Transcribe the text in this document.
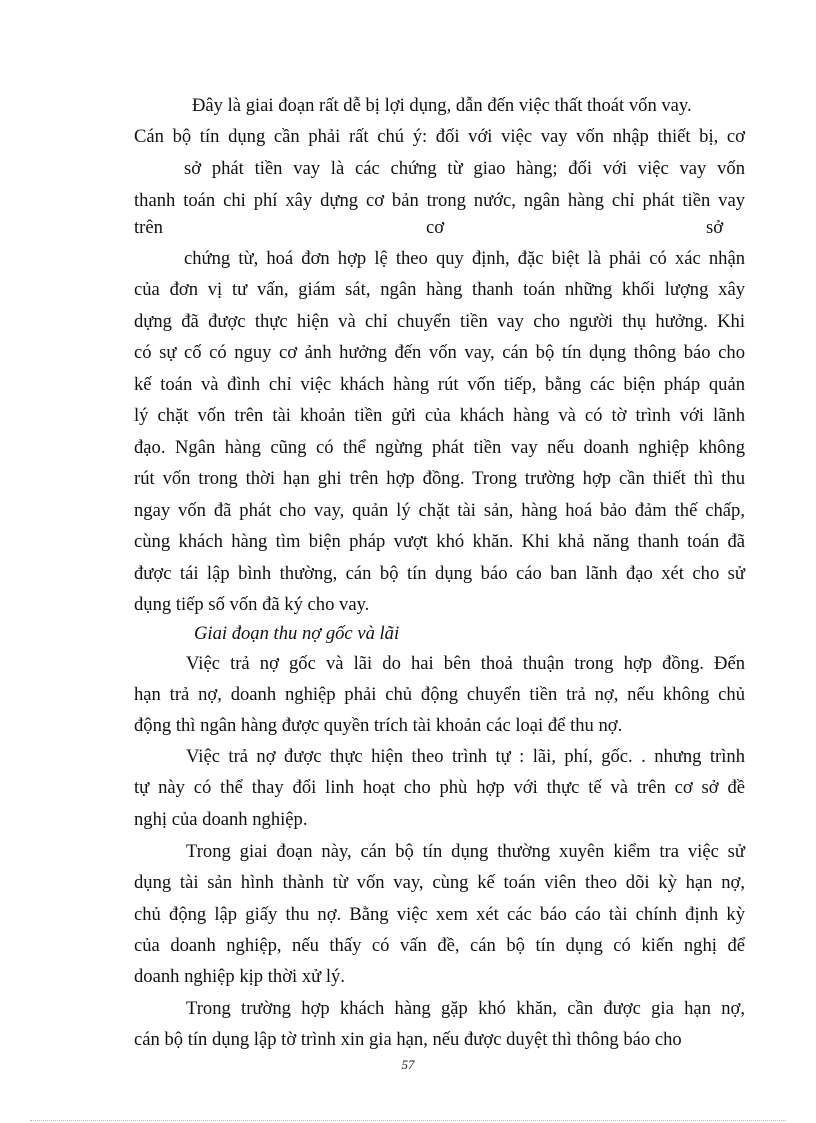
Đây là giai đoạn rất dễ bị lợi dụng, dẫn đến việc thất thoát vốn vay.
Cán bộ tín dụng cần phải rất chú ý: đối với việc vay vốn nhập thiết bị, cơ
sở phát tiền vay là các chứng từ giao hàng; đối với việc vay vốn
thanh toán chi phí xây dựng cơ bản trong nước, ngân hàng chỉ phát tiền vay
trên	cơ	sở
chứng từ, hoá đơn hợp lệ theo quy định, đặc biệt là phải có xác nhận
của đơn vị tư vấn, giám sát, ngân hàng thanh toán những khối lượng xây
dựng đã được thực hiện và chỉ chuyển tiền vay cho người thụ hưởng. Khi
có sự cố có nguy cơ ảnh hưởng đến vốn vay, cán bộ tín dụng thông báo cho
kế toán và đình chỉ việc khách hàng rút vốn tiếp, bằng các biện pháp quản
lý chặt vốn trên tài khoản tiền gửi của khách hàng và có tờ trình với lãnh
đạo. Ngân hàng cũng có thể ngừng phát tiền vay nếu doanh nghiệp không
rút vốn trong thời hạn ghi trên hợp đồng. Trong trường hợp cần thiết thì thu
ngay vốn đã phát cho vay, quản lý chặt tài sản, hàng hoá bảo đảm thế chấp,
cùng khách hàng tìm biện pháp vượt khó khăn. Khi khả năng thanh toán đã
được tái lập bình thường, cán bộ tín dụng báo cáo ban lãnh đạo xét cho sử
dụng tiếp số vốn đã ký cho vay.
Giai đoạn thu nợ gốc và lãi
Việc trả nợ gốc và lãi do hai bên thoả thuận trong hợp đồng. Đến
hạn trả nợ, doanh nghiệp phải chủ động chuyển tiền trả nợ, nếu không chủ
động thì ngân hàng được quyền trích tài khoản các loại để thu nợ.
Việc trả nợ được thực hiện theo trình tự : lãi, phí, gốc. . nhưng trình
tự này có thể thay đổi linh hoạt cho phù hợp với thực tế và trên cơ sở đề
nghị của doanh nghiệp.
Trong giai đoạn này, cán bộ tín dụng thường xuyên kiểm tra việc sử
dụng tài sản hình thành từ vốn vay, cùng kế toán viên theo dõi kỳ hạn nợ,
chủ động lập giấy thu nợ. Bằng việc xem xét các báo cáo tài chính định kỳ
của doanh nghiệp, nếu thấy có vấn đề, cán bộ tín dụng có kiến nghị để
doanh nghiệp kịp thời xử lý.
Trong trường hợp khách hàng gặp khó khăn, cần được gia hạn nợ,
cán bộ tín dụng lập tờ trình xin gia hạn, nếu được duyệt thì thông báo cho
57
